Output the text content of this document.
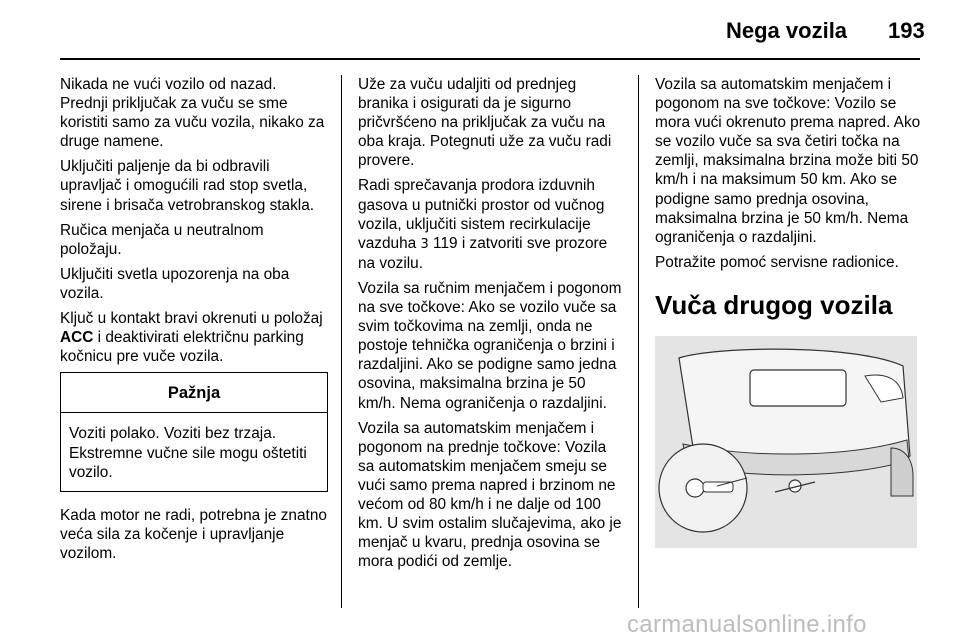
Nega vozila 193

Nikada ne vući vozilo od nazad. Prednji priključak za vuču se sme koristiti samo za vuču vozila, nikako za druge namene.

Uključiti paljenje da bi odbravili upravljač i omogućili rad stop svetla, sirene i brisača vetrobranskog stakla.

Ručica menjača u neutralnom položaju.

Uključiti svetla upozorenja na oba vozila.

Ključ u kontakt bravi okrenuti u položaj ACC i deaktivirati električnu parking kočnicu pre vuče vozila.

Pažnja
Voziti polako. Voziti bez trzaja. Ekstremne vučne sile mogu oštetiti vozilo.

Kada motor ne radi, potrebna je znatno veća sila za kočenje i upravljanje vozilom.

Uže za vuču udaljiti od prednjeg branika i osigurati da je sigurno pričvršćeno na priključak za vuču na oba kraja. Potegnuti uže za vuču radi provere.

Radi sprečavanja prodora izduvnih gasova u putnički prostor od vučnog vozila, uključiti sistem recirkulacije vazduha 3 119 i zatvoriti sve prozore na vozilu.

Vozila sa ručnim menjačem i pogonom na sve točkove: Ako se vozilo vuče sa svim točkovima na zemlji, onda ne postoje tehnička ograničenja o brzini i razdaljini. Ako se podigne samo jedna osovina, maksimalna brzina je 50 km/h. Nema ograničenja o razdaljini.

Vozila sa automatskim menjačem i pogonom na prednje točkove: Vozila sa automatskim menjačem smeju se vući samo prema napred i brzinom ne većom od 80 km/h i ne dalje od 100 km. U svim ostalim slučajevima, ako je menjač u kvaru, prednja osovina se mora podići od zemlje.

Vozila sa automatskim menjačem i pogonom na sve točkove: Vozilo se mora vući okrenuto prema napred. Ako se vozilo vuče sa sva četiri točka na zemlji, maksimalna brzina može biti 50 km/h i na maksimum 50 km. Ako se podigne samo prednja osovina, maksimalna brzina je 50 km/h. Nema ograničenja o razdaljini.

Potražite pomoć servisne radionice.

Vuča drugog vozila
carmanualsonline.info
